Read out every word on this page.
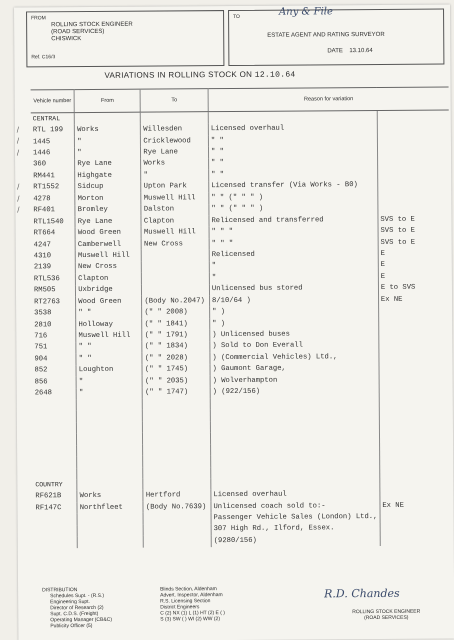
FROM
ROLLING STOCK ENGINEER
(ROAD SERVICES)
CHISWICK
Ref. C16/3
TO	Any & File
ESTATE AGENT AND RATING SURVEYOR
DATE 13.10.64
VARIATIONS IN ROLLING STOCK ON 12.10.64
Vehicle number	From	To	Reason for variation	
CENTRAL				
RTL 199	Works	Willesden	Licensed overhaul	
1445	"	Cricklewood	" "	
1446	"	Rye Lane	" "	
360	Rye Lane	Works	" "	
RM441	Highgate	"	" "	
RT1552	Sidcup	Upton Park	Licensed transfer (Via Works - B0)	
4278	Morton	Muswell Hill	" " (" " " )	
RF401	Bromley	Dalston	" " (" " " )	
RTL1540	Rye Lane	Clapton	Relicensed and transferred	SVS to E
RT664	Wood Green	Muswell Hill	" " "	SVS to E
4247	Camberwell	New Cross	" " "	SVS to E
4310	Muswell Hill		Relicensed	E
2139	New Cross		"	E
RTL536	Clapton		"	E
RM505	Uxbridge		Unlicensed bus stored	E to SVS
RT2763	Wood Green	(Body No.2047)	8/10/64 )	Ex NE
3538	" "	(" " 2008)	" )	
2810	Holloway	(" " 1841)	" )	
716	Muswell Hill	(" " 1791)	) Unlicensed buses	
751	" "	(" " 1834)	) Sold to Don Everall	
904	" "	(" " 2028)	) (Commercial Vehicles) Ltd.,	
852	Loughton	(" " 1745)	) Gaumont Garage,	
856	"	(" " 2035)	) Wolverhampton	
2648	"	(" " 1747)	) (922/156)	

COUNTRY				
RF621B	Works	Hertford	Licensed overhaul	
RF147C	Northfleet	(Body No.7639)	Unlicensed coach sold to:-	Ex NE
			Passenger Vehicle Sales (London) Ltd.,	
			307 High Rd., Ilford, Essex.	
			(9280/156)	
DISTRIBUTION
Schedules Supt. - (R.S.)
Engineering Supt.
Director of Research (2)
Supt. C.D.S. (Freight)
Operating Manager (CB&C)
Publicity Officer (5)
Blinds Section, Aldenham
Advert. Inspector, Aldenham
R.S. Licensing Section
District Engineers
C (2) NX (1) L (1) HT (2) E ( )
S (3) SW ( ) WI (2) WW (2)
R.D. Chandes
ROLLING STOCK ENGINEER
(ROAD SERVICES)
̸
̸
̸
̸
̸
̸
